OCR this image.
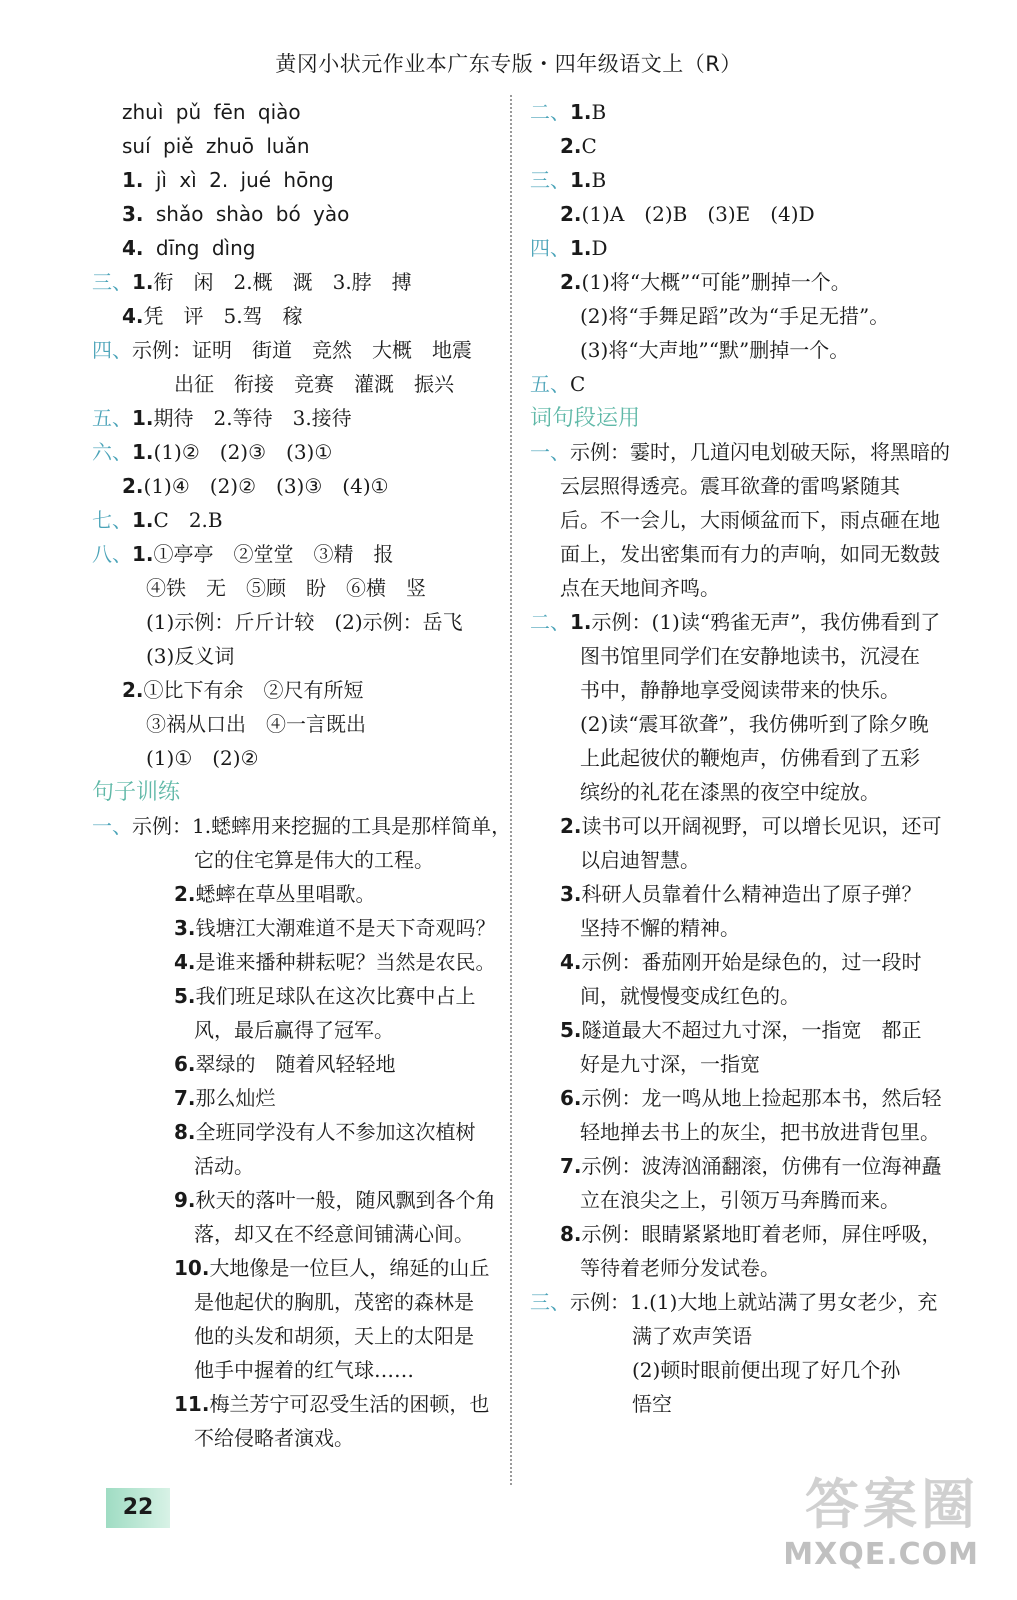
黄冈小状元作业本广东专版・四年级语文上（R）
zhuì pǔ fēn qiào
suí piě zhuō luǎn
1. jì xì 2. jué hōng
3. shǎo shào bó yào
4. dīng dìng
三、1.衔　闲　2.概　溉　3.脖　搏
4.凭　评　5.驾　稼
四、示例：证明　街道　竞然　大概　地震
出征　衔接　竞赛　灌溉　振兴
五、1.期待　2.等待　3.接待
六、1.(1)②　(2)③　(3)①
2.(1)④　(2)②　(3)③　(4)①
七、1.C　2.B
八、1.①亭亭　②堂堂　③精　报
④铁　无　⑤顾　盼　⑥横　竖
(1)示例：斤斤计较　(2)示例：岳飞
(3)反义词
2.①比下有余　②尺有所短
③祸从口出　④一言既出
(1)①　(2)②
句子训练
一、示例：1.蟋蟀用来挖掘的工具是那样简单，
它的住宅算是伟大的工程。
2.蟋蟀在草丛里唱歌。
3.钱塘江大潮难道不是天下奇观吗？
4.是谁来播种耕耘呢？当然是农民。
5.我们班足球队在这次比赛中占上
风，最后赢得了冠军。
6.翠绿的　随着风轻轻地
7.那么灿烂
8.全班同学没有人不参加这次植树
活动。
9.秋天的落叶一般，随风飘到各个角
落，却又在不经意间铺满心间。
10.大地像是一位巨人，绵延的山丘
是他起伏的胸肌，茂密的森林是
他的头发和胡须，天上的太阳是
他手中握着的红气球……
11.梅兰芳宁可忍受生活的困顿，也
不给侵略者演戏。
二、1.B
2.C
三、1.B
2.(1)A　(2)B　(3)E　(4)D
四、1.D
2.(1)将“大概”“可能”删掉一个。
(2)将“手舞足蹈”改为“手足无措”。
(3)将“大声地”“默”删掉一个。
五、C
词句段运用
一、示例：霎时，几道闪电划破天际，将黑暗的
云层照得透亮。震耳欲聋的雷鸣紧随其
后。不一会儿，大雨倾盆而下，雨点砸在地
面上，发出密集而有力的声响，如同无数鼓
点在天地间齐鸣。
二、1.示例：(1)读“鸦雀无声”，我仿佛看到了
图书馆里同学们在安静地读书，沉浸在
书中，静静地享受阅读带来的快乐。
(2)读“震耳欲聋”，我仿佛听到了除夕晚
上此起彼伏的鞭炮声，仿佛看到了五彩
缤纷的礼花在漆黑的夜空中绽放。
2.读书可以开阔视野，可以增长见识，还可
以启迪智慧。
3.科研人员靠着什么精神造出了原子弹？
坚持不懈的精神。
4.示例：番茄刚开始是绿色的，过一段时
间，就慢慢变成红色的。
5.隧道最大不超过九寸深，一指宽　都正
好是九寸深，一指宽
6.示例：龙一鸣从地上捡起那本书，然后轻
轻地掸去书上的灰尘，把书放进背包里。
7.示例：波涛汹涌翻滚，仿佛有一位海神矗
立在浪尖之上，引领万马奔腾而来。
8.示例：眼睛紧紧地盯着老师，屏住呼吸，
等待着老师分发试卷。
三、示例：1.(1)大地上就站满了男女老少，充
满了欢声笑语
(2)顿时眼前便出现了好几个孙
悟空
22	答案圈
MXQE.COM
